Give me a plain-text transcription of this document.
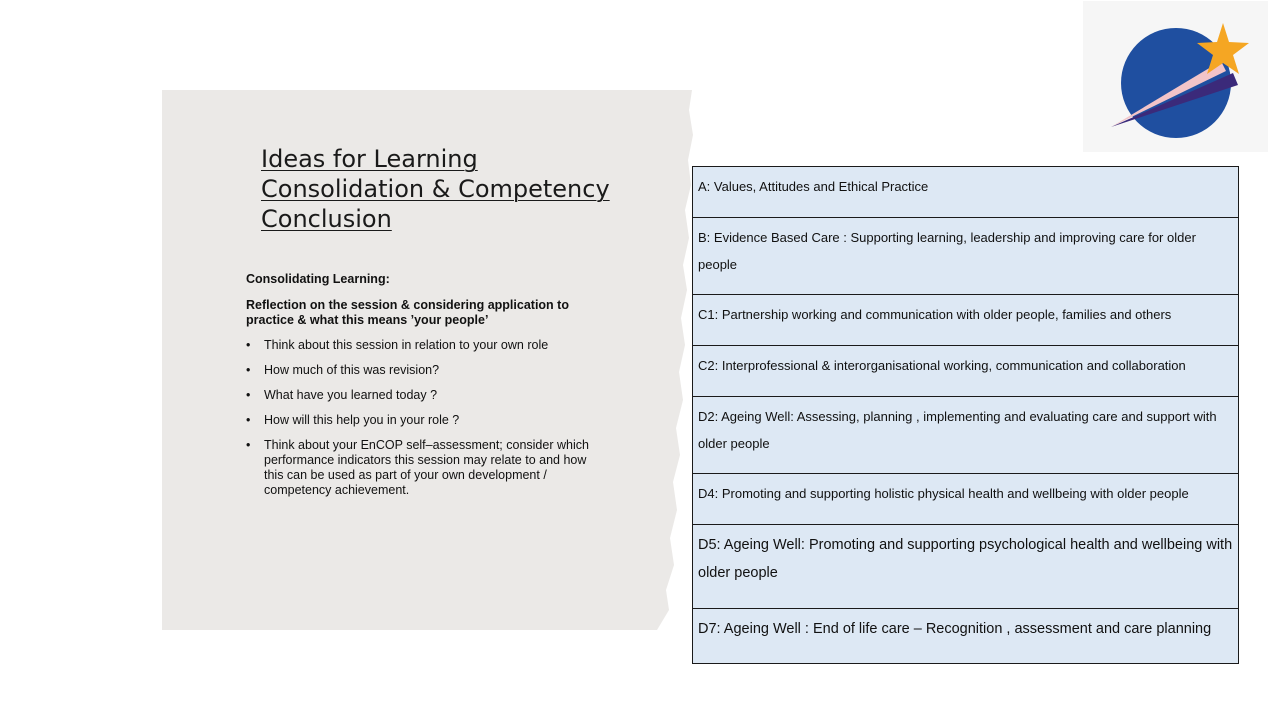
Ideas for Learning
Consolidation & Competency
Conclusion

Consolidating Learning:

Reflection on the session & considering application to practice & what this means ’your people’

• Think about this session in relation to your own role
• How much of this was revision?
• What have you learned today ?
• How will this help you in your role ?
• Think about your EnCOP self–assessment; consider which performance indicators this session may relate to and how this can be used as part of your own development / competency achievement.
A: Values, Attitudes and Ethical Practice
B: Evidence Based Care : Supporting learning, leadership and improving care for older people
C1: Partnership working and communication with older people, families and others
C2: Interprofessional & interorganisational working, communication and collaboration
D2: Ageing Well: Assessing, planning , implementing and evaluating care and support with older people
D4: Promoting and supporting holistic physical health and wellbeing with older people
D5: Ageing Well: Promoting and supporting psychological health and wellbeing with older people
D7: Ageing Well : End of life care – Recognition , assessment and care planning
